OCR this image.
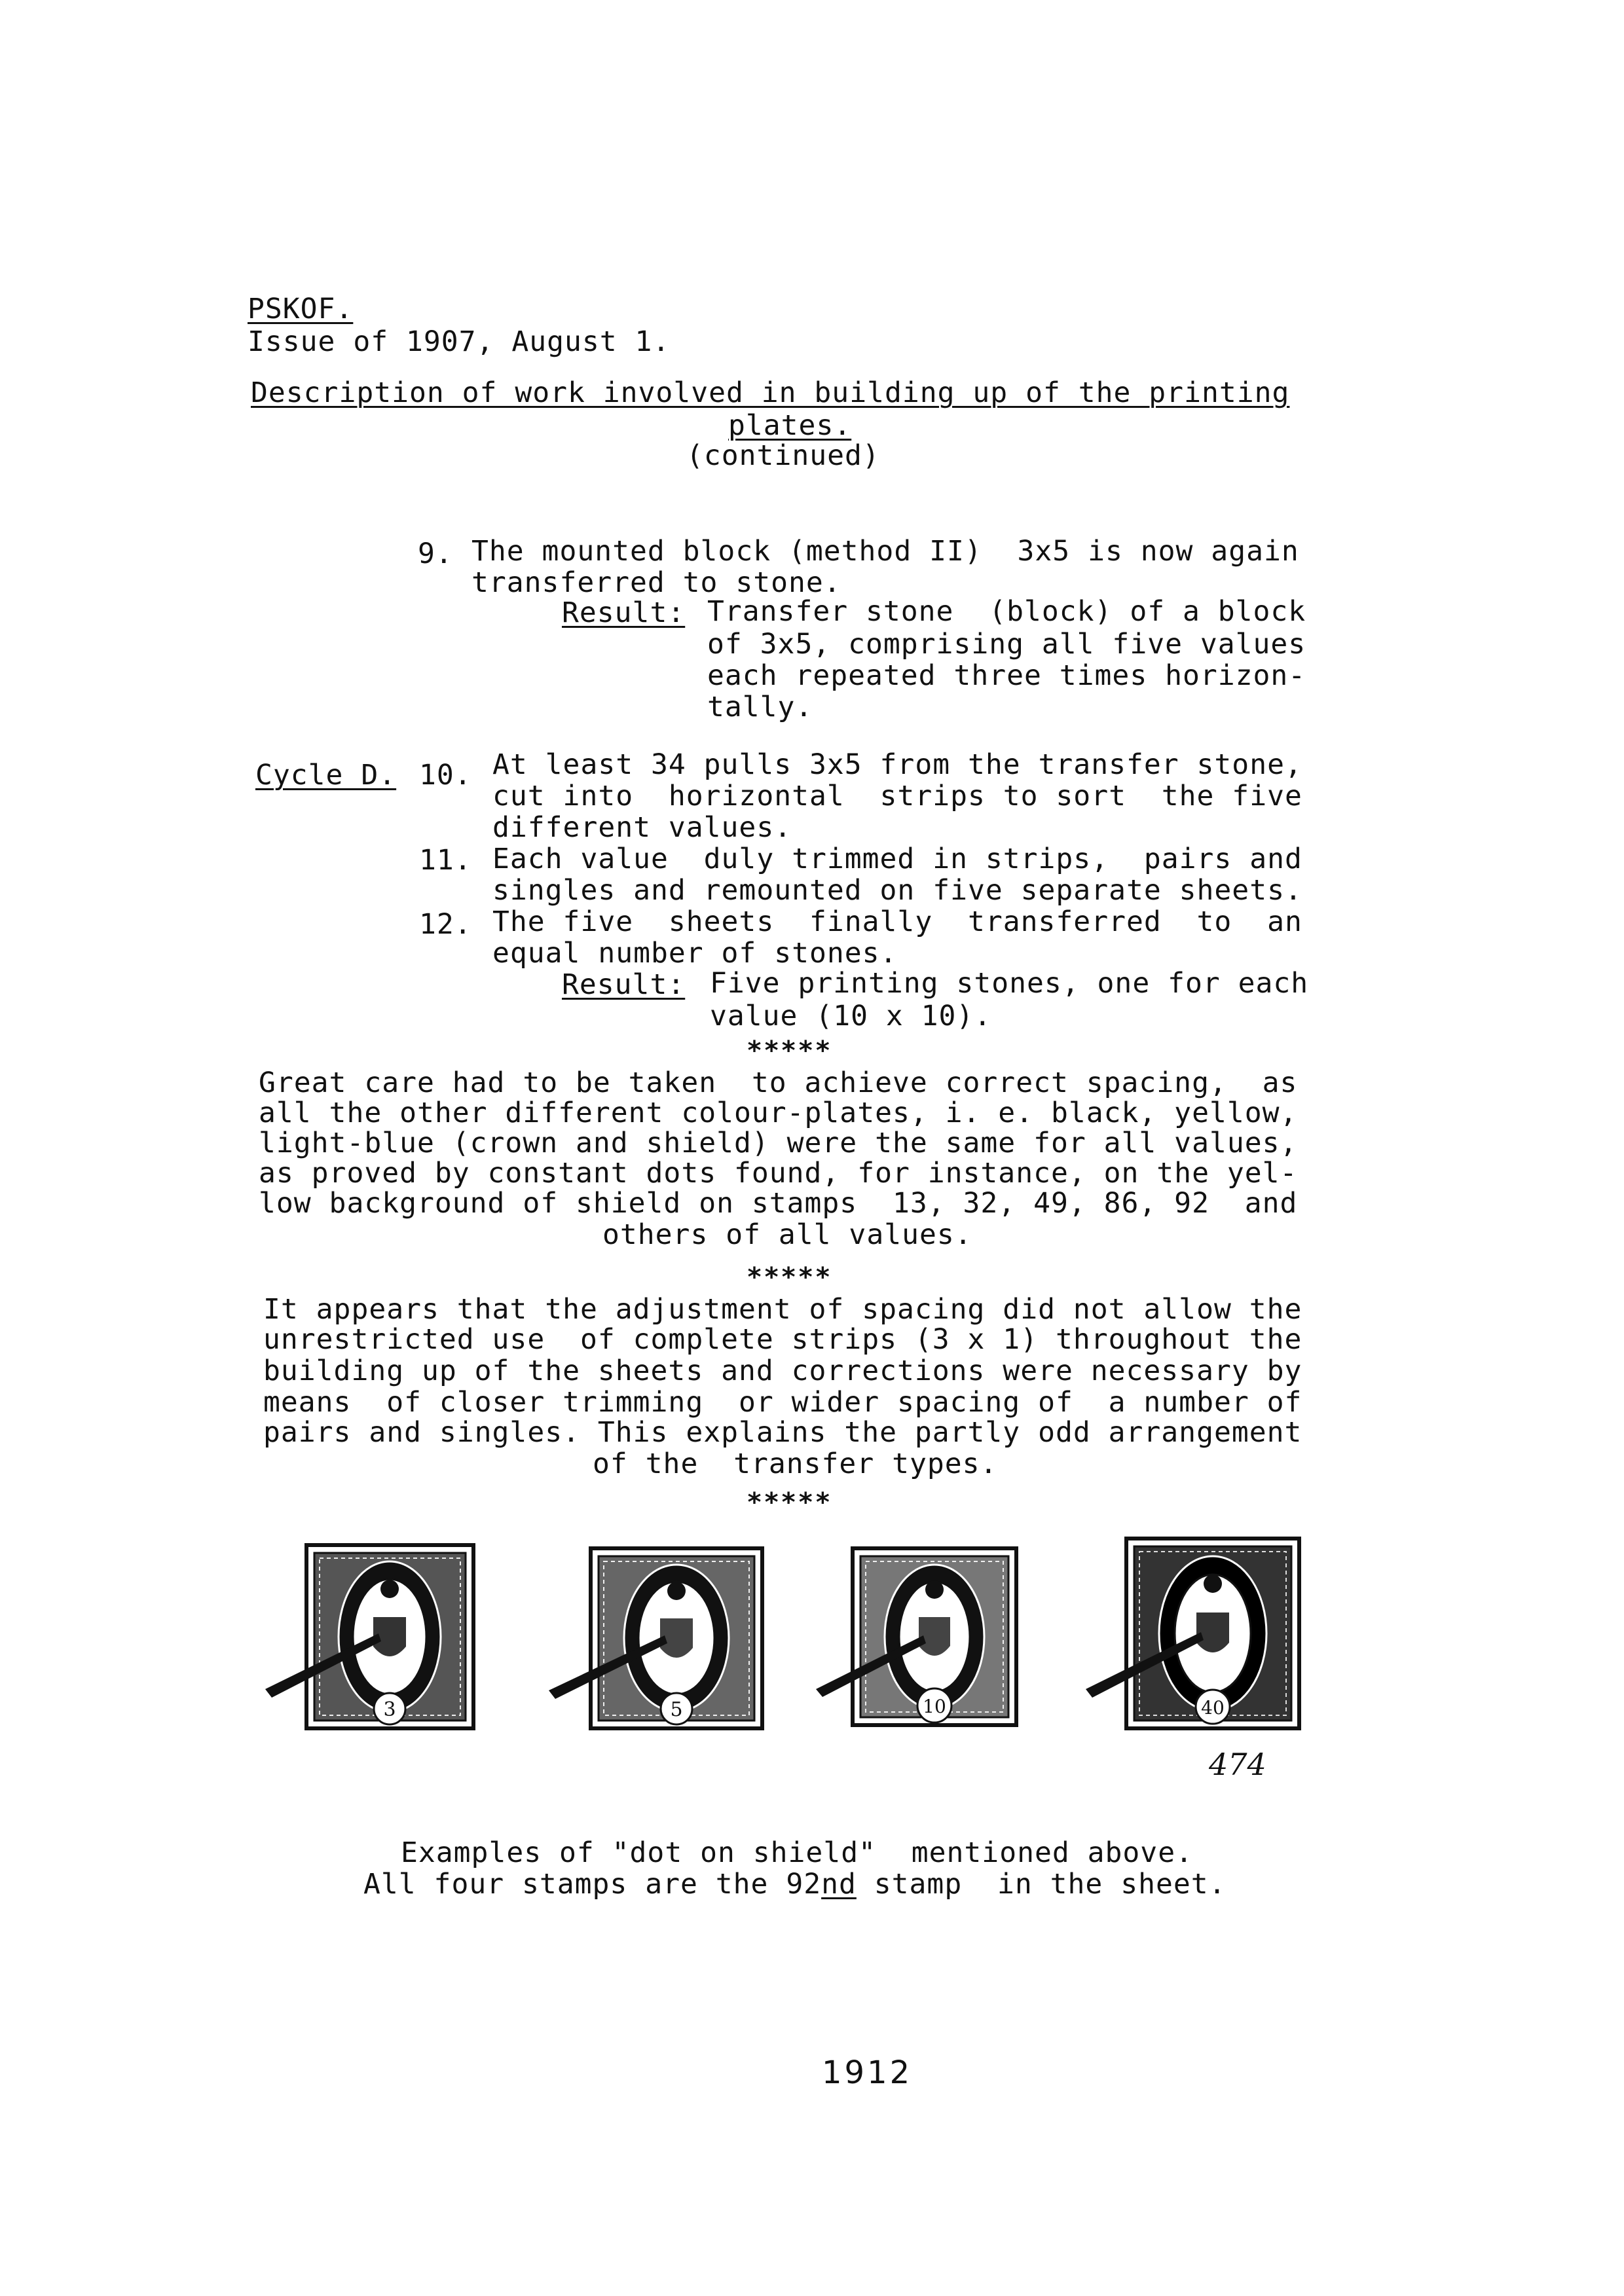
PSKOF.
Issue of 1907, August 1.
Description of work involved in building up of the printing
plates.
(continued)
9. The mounted block (method II)  3x5 is now again
transferred to stone.
Result: Transfer stone  (block) of a block
of 3x5, comprising all five values
each repeated three times horizon-
tally.
Cycle D. 10. At least 34 pulls 3x5 from the transfer stone,
cut into  horizontal  strips to sort  the five
different values.
11. Each value  duly trimmed in strips,  pairs and
singles and remounted on five separate sheets.
12. The five  sheets  finally  transferred  to  an
equal number of stones.
Result: Five printing stones, one for each
value (10 x 10).
*****
Great care had to be taken  to achieve correct spacing,  as
all the other different colour-plates, i. e. black, yellow,
light-blue (crown and shield) were the same for all values,
as proved by constant dots found, for instance, on the yel-
low background of shield on stamps  13, 32, 49, 86, 92  and
others of all values.
*****
It appears that the adjustment of spacing did not allow the
unrestricted use  of complete strips (3 x 1) throughout the
building up of the sheets and corrections were necessary by
means  of closer trimming  or wider spacing of  a number of
pairs and singles. This explains the partly odd arrangement
of the  transfer types.
*****
3	5	10	40
474
Examples of "dot on shield"  mentioned above.
All four stamps are the 92nd stamp  in the sheet.
1912
